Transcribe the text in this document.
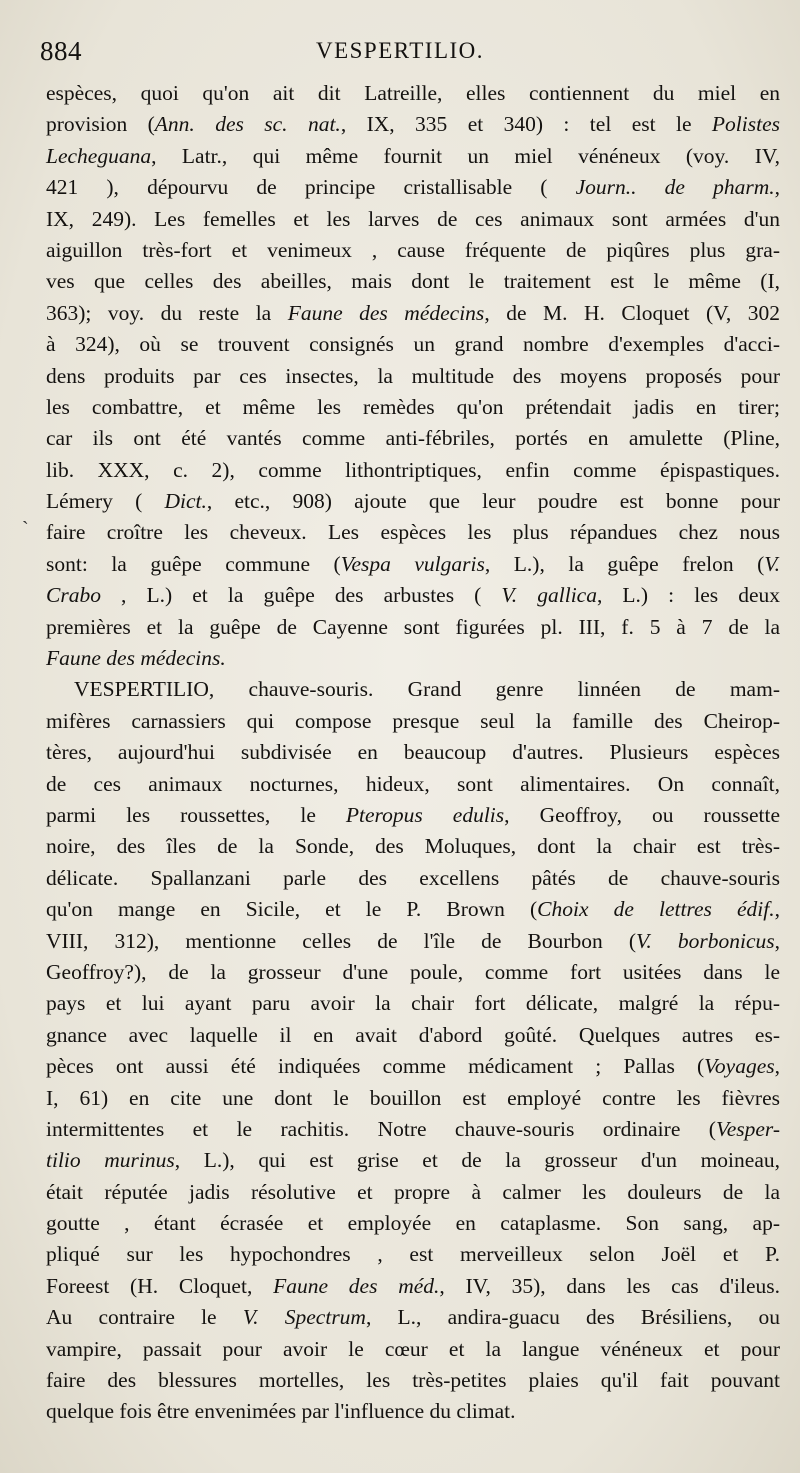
884	VESPERTILIO.
`
espèces, quoi qu'on ait dit Latreille, elles contiennent du miel en
provision (Ann. des sc. nat., IX, 335 et 340) : tel est le Polistes
Lecheguana, Latr., qui même fournit un miel vénéneux (voy. IV,
421 ), dépourvu de principe cristallisable ( Journ.. de pharm.,
IX, 249). Les femelles et les larves de ces animaux sont armées d'un
aiguillon très-fort et venimeux , cause fréquente de piqûres plus gra-
ves que celles des abeilles, mais dont le traitement est le même (I,
363); voy. du reste la Faune des médecins, de M. H. Cloquet (V, 302
à 324), où se trouvent consignés un grand nombre d'exemples d'acci-
dens produits par ces insectes, la multitude des moyens proposés pour
les combattre, et même les remèdes qu'on prétendait jadis en tirer;
car ils ont été vantés comme anti-fébriles, portés en amulette (Pline,
lib. XXX, c. 2), comme lithontriptiques, enfin comme épispastiques.
Lémery ( Dict., etc., 908) ajoute que leur poudre est bonne pour
faire croître les cheveux. Les espèces les plus répandues chez nous
sont: la guêpe commune (Vespa vulgaris, L.), la guêpe frelon (V.
Crabo , L.) et la guêpe des arbustes ( V. gallica, L.) : les deux
premières et la guêpe de Cayenne sont figurées pl. III, f. 5 à 7 de la
Faune des médecins.
VESPERTILIO, chauve-souris. Grand genre linnéen de mam-
mifères carnassiers qui compose presque seul la famille des Cheirop-
tères, aujourd'hui subdivisée en beaucoup d'autres. Plusieurs espèces
de ces animaux nocturnes, hideux, sont alimentaires. On connaît,
parmi les roussettes, le Pteropus edulis, Geoffroy, ou roussette
noire, des îles de la Sonde, des Moluques, dont la chair est très-
délicate. Spallanzani parle des excellens pâtés de chauve-souris
qu'on mange en Sicile, et le P. Brown (Choix de lettres édif.,
VIII, 312), mentionne celles de l'île de Bourbon (V. borbonicus,
Geoffroy?), de la grosseur d'une poule, comme fort usitées dans le
pays et lui ayant paru avoir la chair fort délicate, malgré la répu-
gnance avec laquelle il en avait d'abord goûté. Quelques autres es-
pèces ont aussi été indiquées comme médicament ; Pallas (Voyages,
I, 61) en cite une dont le bouillon est employé contre les fièvres
intermittentes et le rachitis. Notre chauve-souris ordinaire (Vesper-
tilio murinus, L.), qui est grise et de la grosseur d'un moineau,
était réputée jadis résolutive et propre à calmer les douleurs de la
goutte , étant écrasée et employée en cataplasme. Son sang, ap-
pliqué sur les hypochondres , est merveilleux selon Joël et P.
Foreest (H. Cloquet, Faune des méd., IV, 35), dans les cas d'ileus.
Au contraire le V. Spectrum, L., andira-guacu des Brésiliens, ou
vampire, passait pour avoir le cœur et la langue vénéneux et pour
faire des blessures mortelles, les très-petites plaies qu'il fait pouvant
quelque fois être envenimées par l'influence du climat.
